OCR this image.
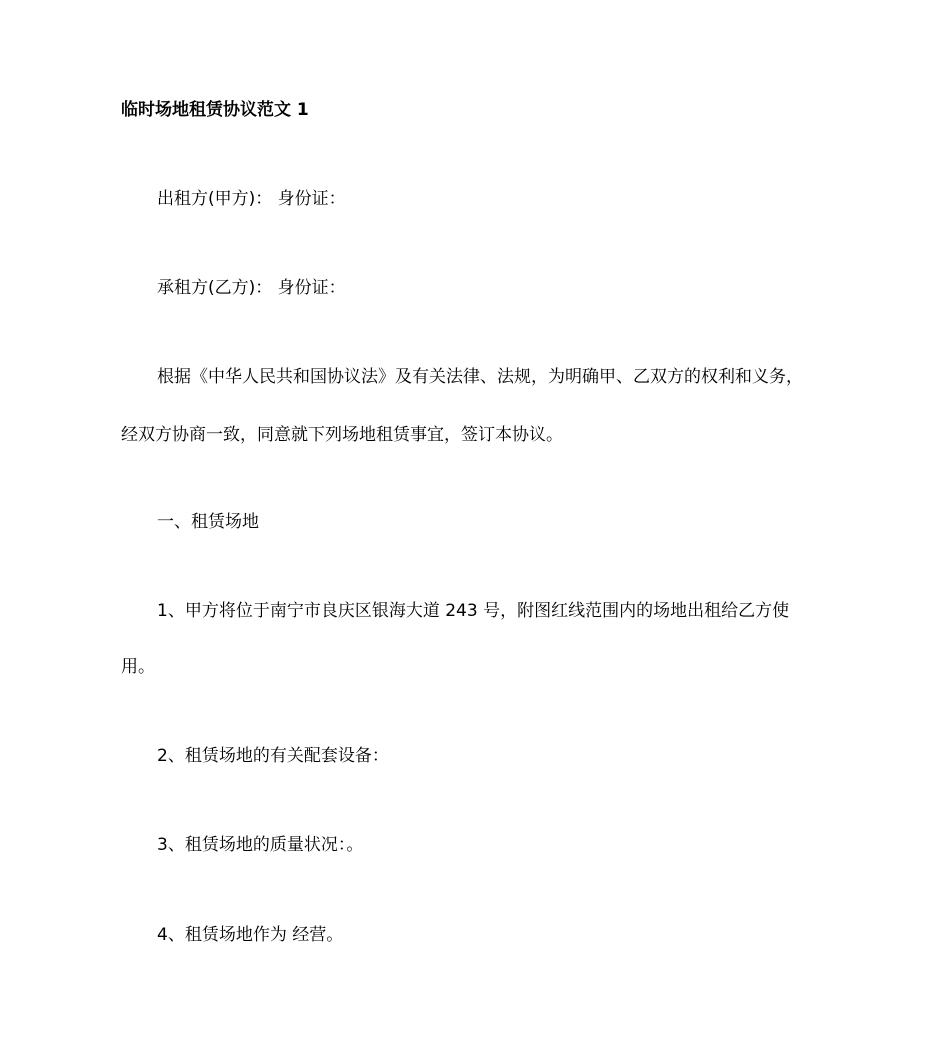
临时场地租赁协议范文 1
出租方(甲方)： 身份证：
承租方(乙方)： 身份证：
根据《中华人民共和国协议法》及有关法律、法规，为明确甲、乙双方的权利和义务，
经双方协商一致，同意就下列场地租赁事宜，签订本协议。
一、租赁场地
1、甲方将位于南宁市良庆区银海大道 243 号，附图红线范围内的场地出租给乙方使
用。
2、租赁场地的有关配套设备：
3、租赁场地的质量状况：。
4、租赁场地作为 经营。
